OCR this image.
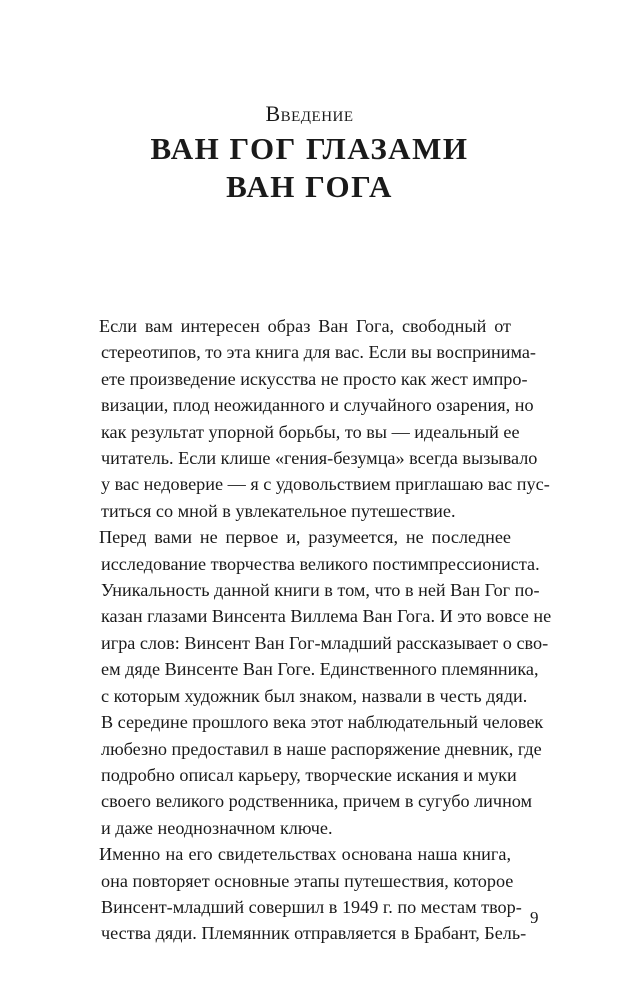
Введение
ВАН ГОГ ГЛАЗАМИ
ВАН ГОГА
Если вам интересен образ Ван Гога, свободный от
стереотипов, то эта книга для вас. Если вы воспринима-
ете произведение искусства не просто как жест импро-
визации, плод неожиданного и случайного озарения, но
как результат упорной борьбы, то вы — идеальный ее
читатель. Если клише «гения-безумца» всегда вызывало
у вас недоверие — я с удовольствием приглашаю вас пус-
титься со мной в увлекательное путешествие.
Перед вами не первое и, разумеется, не последнее
исследование творчества великого постимпрессиониста.
Уникальность данной книги в том, что в ней Ван Гог по-
казан глазами Винсента Виллема Ван Гога. И это вовсе не
игра слов: Винсент Ван Гог-младший рассказывает о сво-
ем дяде Винсенте Ван Гоге. Единственного племянника,
с которым художник был знаком, назвали в честь дяди.
В середине прошлого века этот наблюдательный человек
любезно предоставил в наше распоряжение дневник, где
подробно описал карьеру, творческие искания и муки
своего великого родственника, причем в сугубо личном
и даже неоднозначном ключе.
Именно на его свидетельствах основана наша книга,
она повторяет основные этапы путешествия, которое
Винсент-младший совершил в 1949 г. по местам твор-
чества дяди. Племянник отправляется в Брабант, Бель-
9
